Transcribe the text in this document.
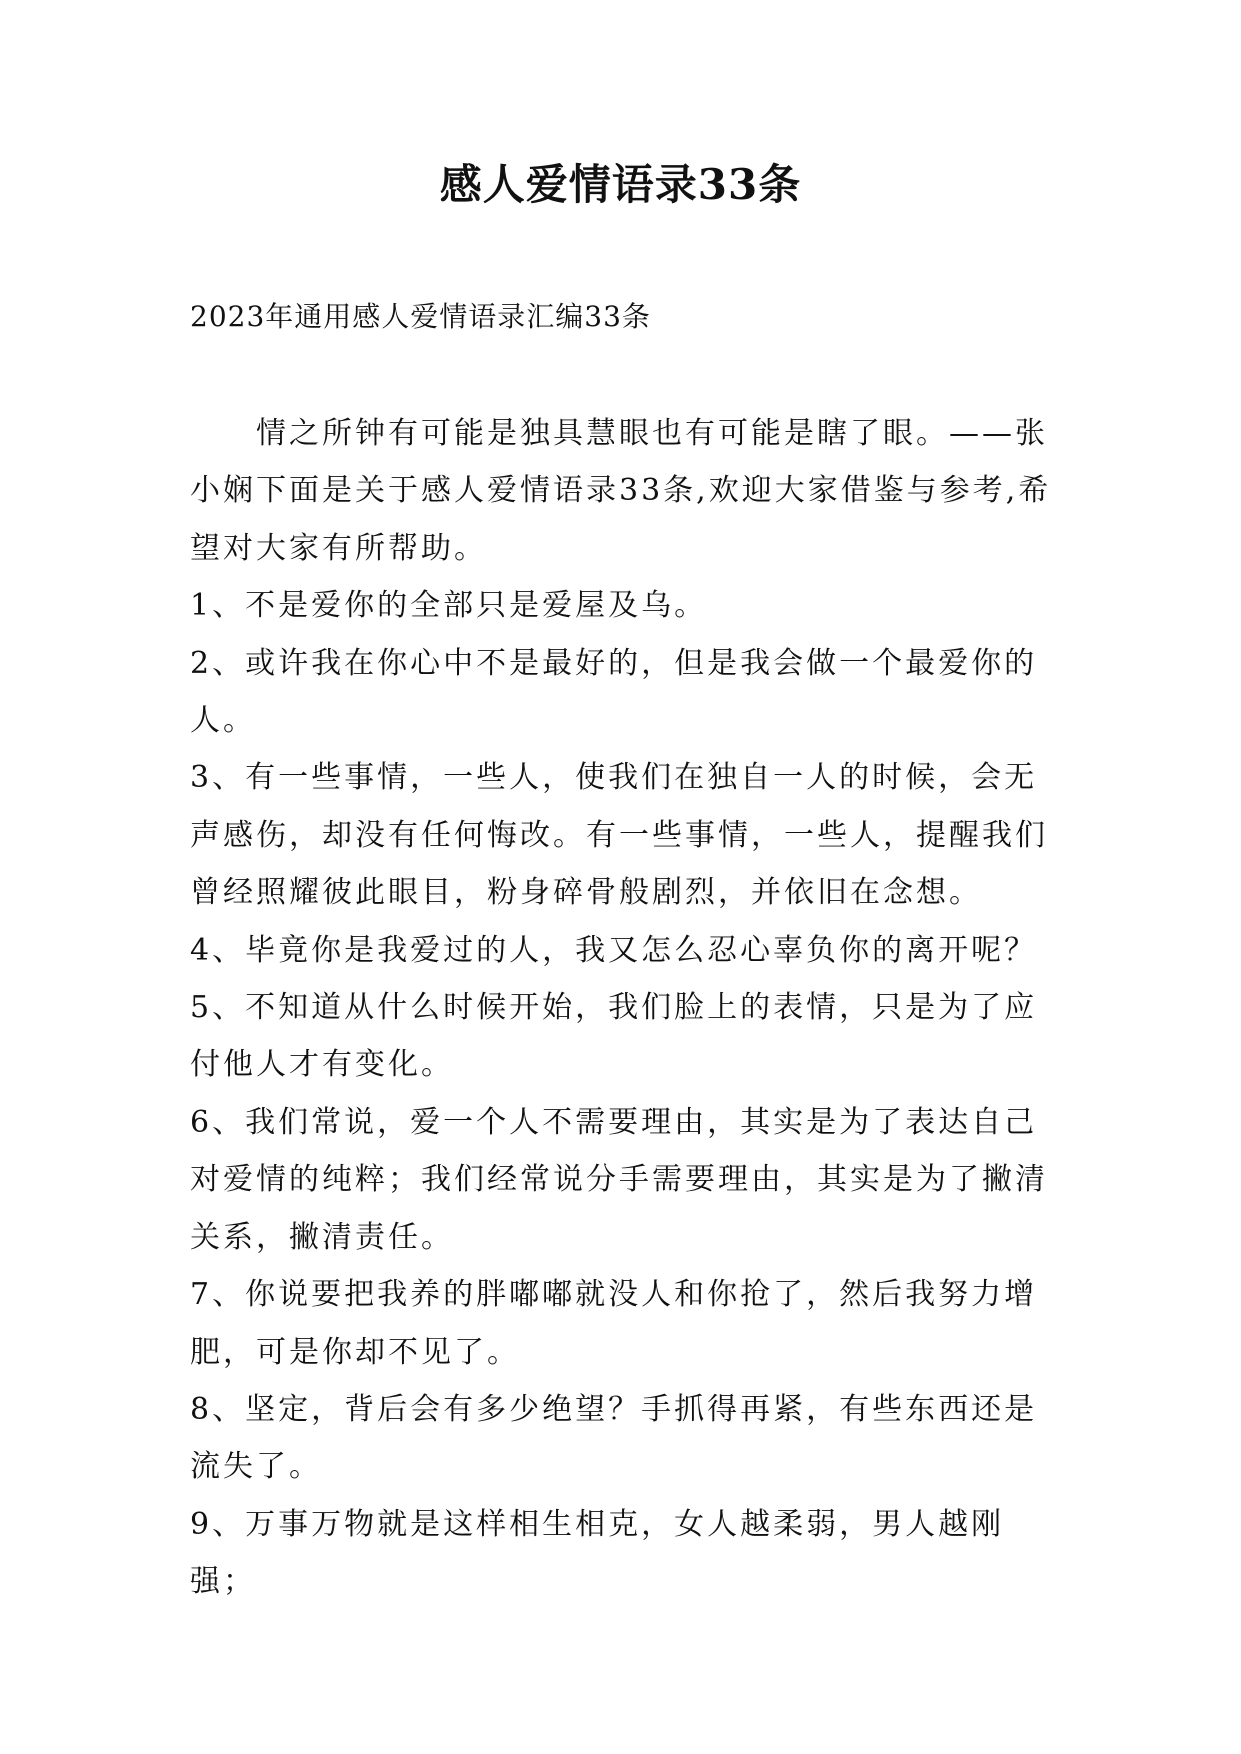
感人爱情语录33条
2023年通用感人爱情语录汇编33条

情之所钟有可能是独具慧眼也有可能是瞎了眼。——张小娴下面是关于感人爱情语录33条,欢迎大家借鉴与参考,希望对大家有所帮助。

1、不是爱你的全部只是爱屋及乌。

2、或许我在你心中不是最好的，但是我会做一个最爱你的人。

3、有一些事情，一些人，使我们在独自一人的时候，会无声感伤，却没有任何悔改。有一些事情，一些人，提醒我们曾经照耀彼此眼目，粉身碎骨般剧烈，并依旧在念想。

4、毕竟你是我爱过的人，我又怎么忍心辜负你的离开呢？

5、不知道从什么时候开始，我们脸上的表情，只是为了应付他人才有变化。

6、我们常说，爱一个人不需要理由，其实是为了表达自己对爱情的纯粹；我们经常说分手需要理由，其实是为了撇清关系，撇清责任。

7、你说要把我养的胖嘟嘟就没人和你抢了，然后我努力增肥，可是你却不见了。

8、坚定，背后会有多少绝望？手抓得再紧，有些东西还是流失了。

9、万事万物就是这样相生相克，女人越柔弱，男人越刚强；
